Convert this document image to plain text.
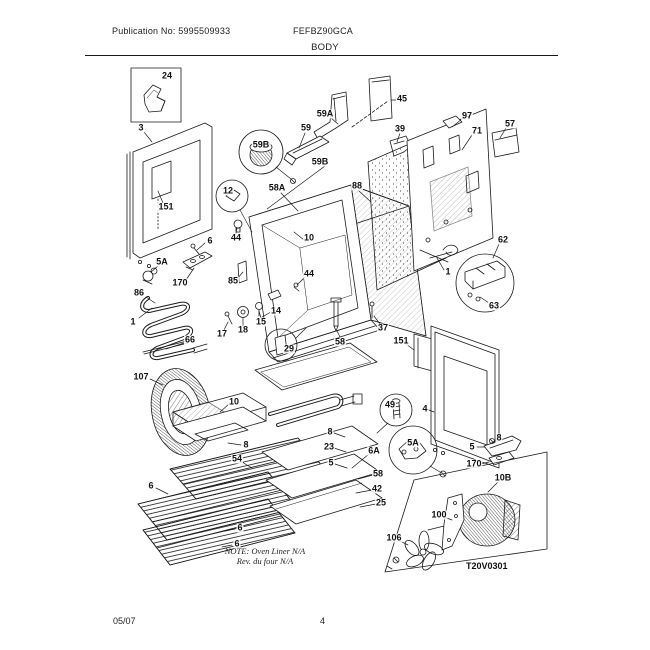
Publication No: 5995509933	FEFBZ90GCA
BODY
24
3
151
5A
6
170
86
1
66
107
12
44
59B
59A
59
45
39
97
71
57
88
58A
59B
10	62
63
1
44
85
14
15
18
17
29
58
37
151
54
10
8
6
6
6
8
23
5
6A
58
42
25
49	4
5A	8
5
170
10B
100
106
NOTE: Oven Liner N/A
Rev. du four N/A	T20V0301
05/07	4
